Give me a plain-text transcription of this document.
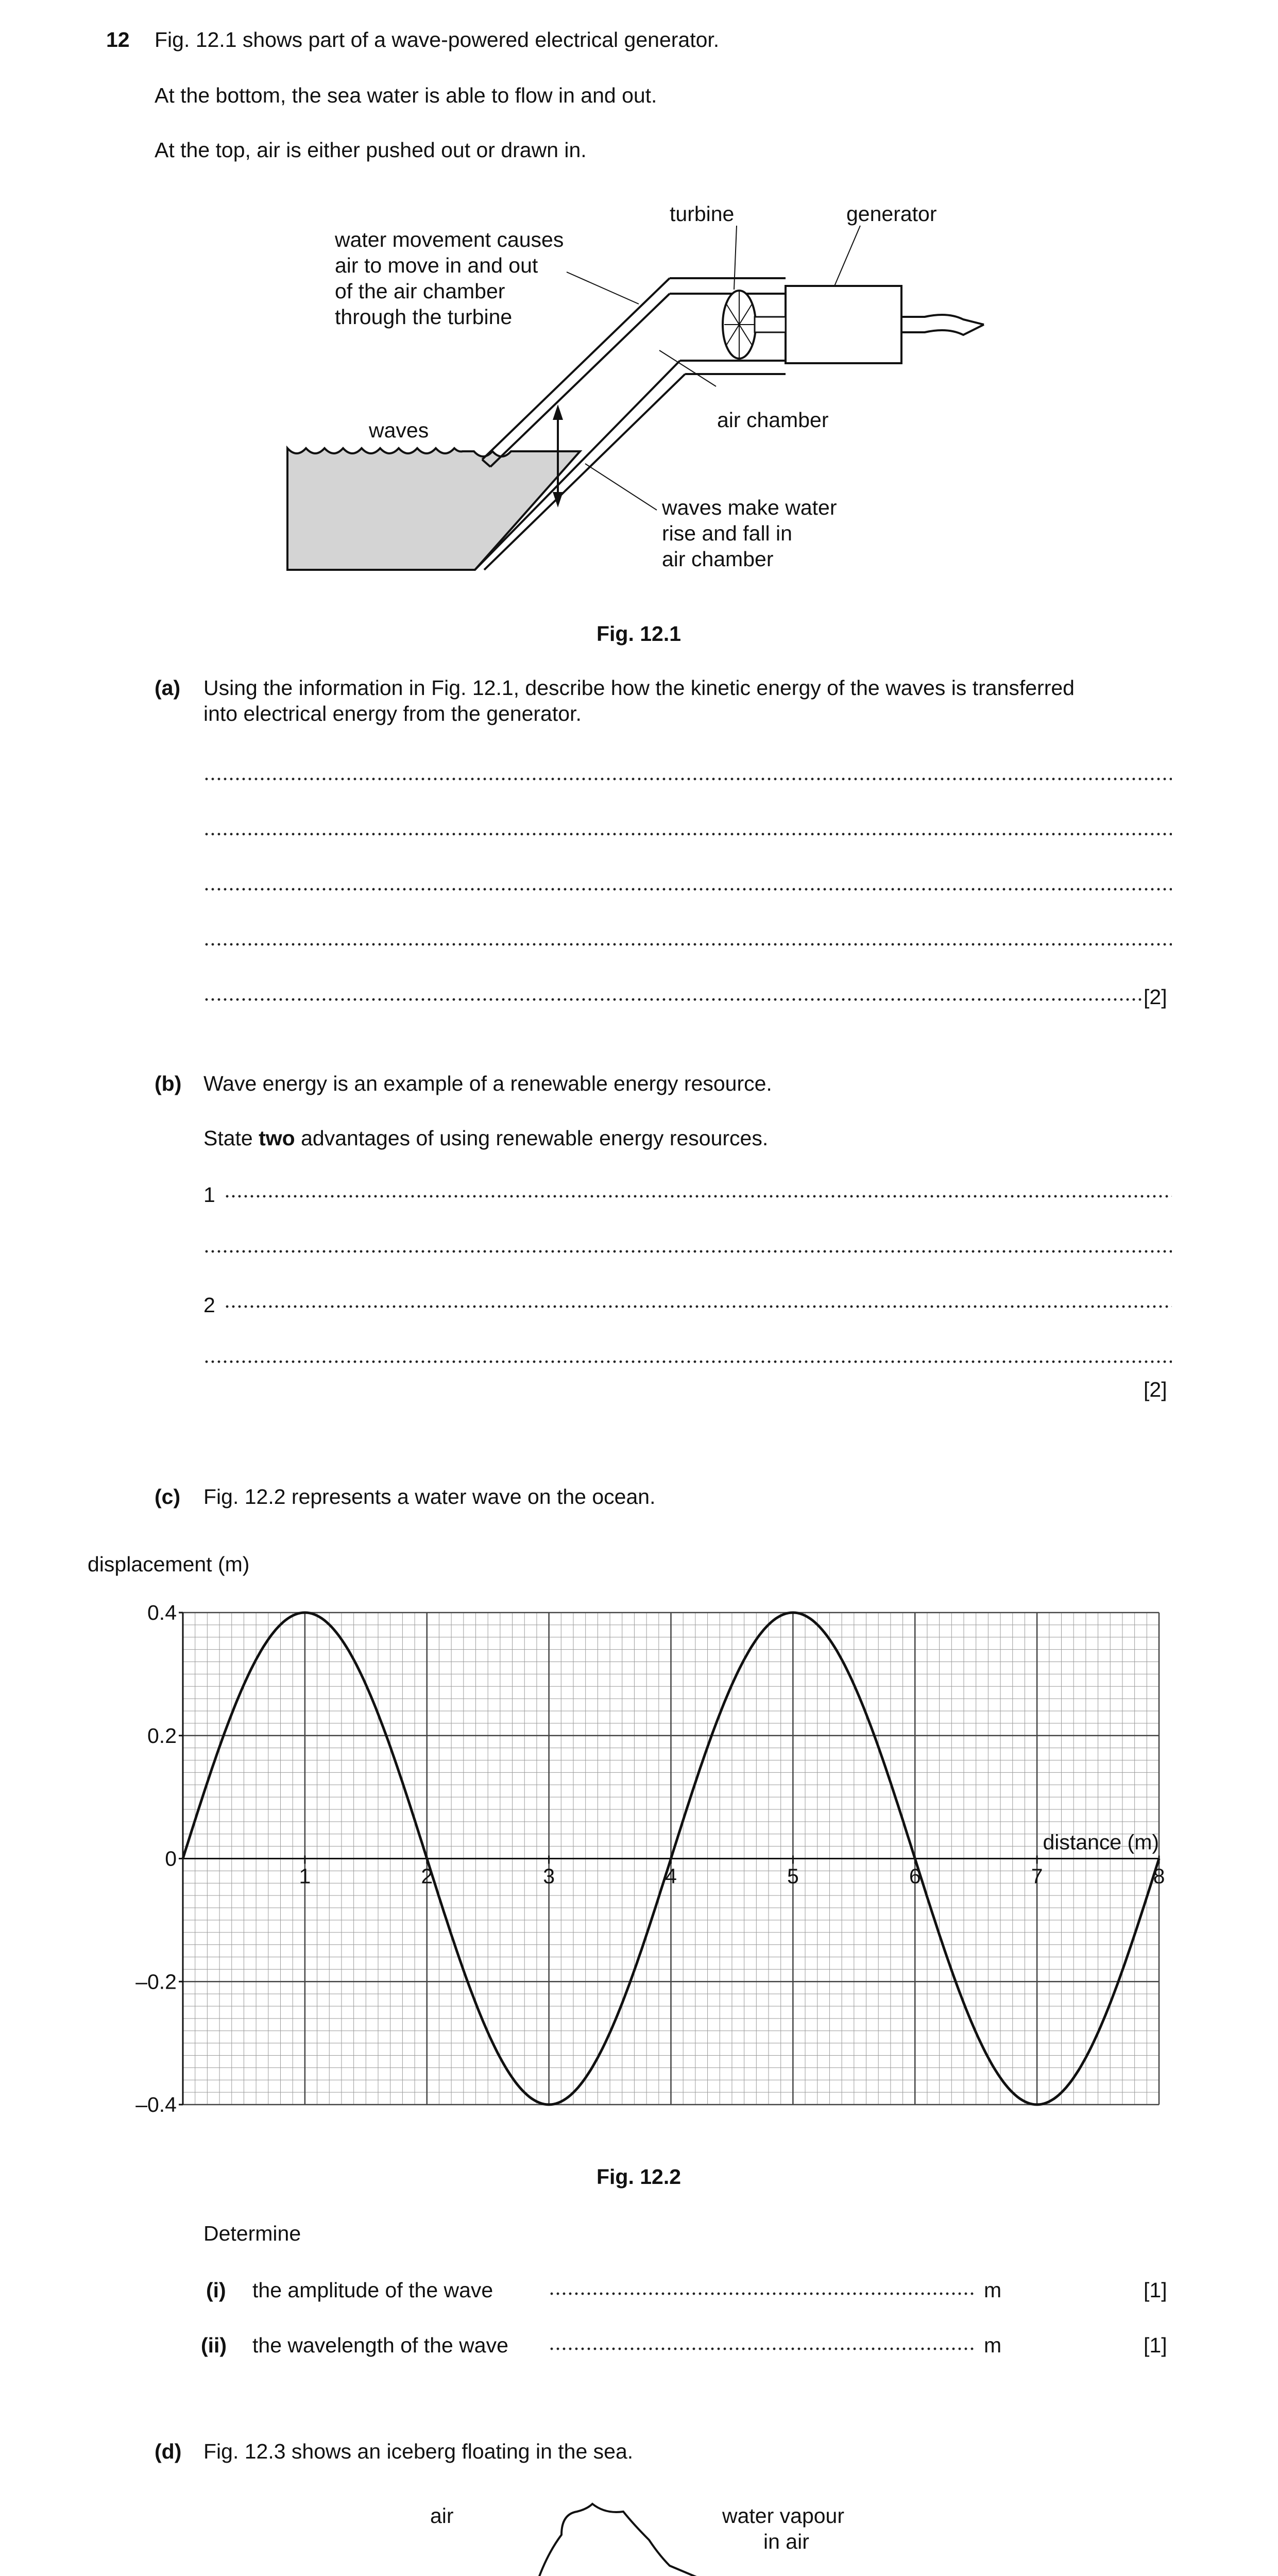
12 Fig. 12.1 shows part of a wave-powered electrical generator.
At the bottom, the sea water is able to flow in and out.
At the top, air is either pushed out or drawn in.
turbine	generator
water movement causes
air to move in and out
of the air chamber
through the turbine
air chamber
waves
waves make water
rise and fall in
air chamber
Fig. 12.1
(a) Using the information in Fig. 12.1, describe how the kinetic energy of the waves is transferred
into electrical energy from the generator.
[2]
(b) Wave energy is an example of a renewable energy resource.
State two advantages of using renewable energy resources.
1
2
[2]
(c) Fig. 12.2 represents a water wave on the ocean.
displacement (m)
0.4
0.2
0
–0.2
–0.4
1	2	3	4	5	6	7	8
distance (m)
Fig. 12.2
Determine
(i) the amplitude of the wave	m	[1]
(ii) the wavelength of the wave	m	[1]
(d) Fig. 12.3 shows an iceberg floating in the sea.
air	water vapour
in air
